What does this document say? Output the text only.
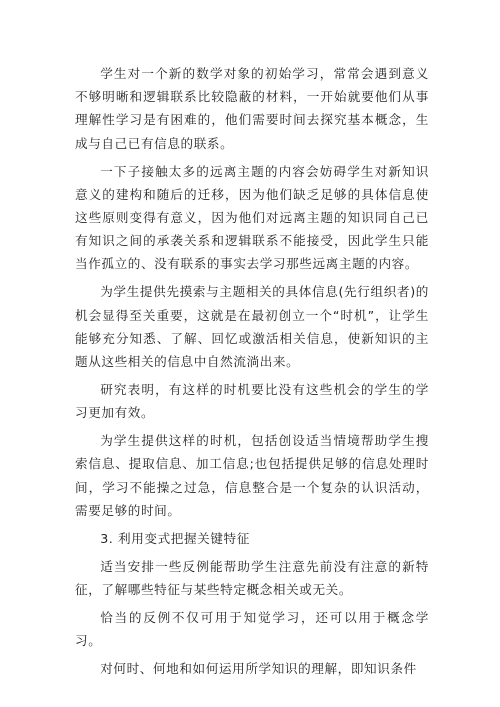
学生对一个新的数学对象的初始学习，常常会遇到意义不够明晰和逻辑联系比较隐蔽的材料，一开始就要他们从事理解性学习是有困难的，他们需要时间去探究基本概念，生成与自己已有信息的联系。

一下子接触太多的远离主题的内容会妨碍学生对新知识意义的建构和随后的迁移，因为他们缺乏足够的具体信息使这些原则变得有意义，因为他们对远离主题的知识同自己已有知识之间的承袭关系和逻辑联系不能接受，因此学生只能当作孤立的、没有联系的事实去学习那些远离主题的内容。

为学生提供先摸索与主题相关的具体信息(先行组织者)的机会显得至关重要，这就是在最初创立一个“时机”，让学生能够充分知悉、了解、回忆或激活相关信息，使新知识的主题从这些相关的信息中自然流淌出来。

研究表明，有这样的时机要比没有这些机会的学生的学习更加有效。

为学生提供这样的时机，包括创设适当情境帮助学生搜索信息、提取信息、加工信息;也包括提供足够的信息处理时间，学习不能操之过急，信息整合是一个复杂的认识活动，需要足够的时间。

3. 利用变式把握关键特征

适当安排一些反例能帮助学生注意先前没有注意的新特征，了解哪些特征与某些特定概念相关或无关。

恰当的反例不仅可用于知觉学习，还可以用于概念学习。

对何时、何地和如何运用所学知识的理解，即知识条件
